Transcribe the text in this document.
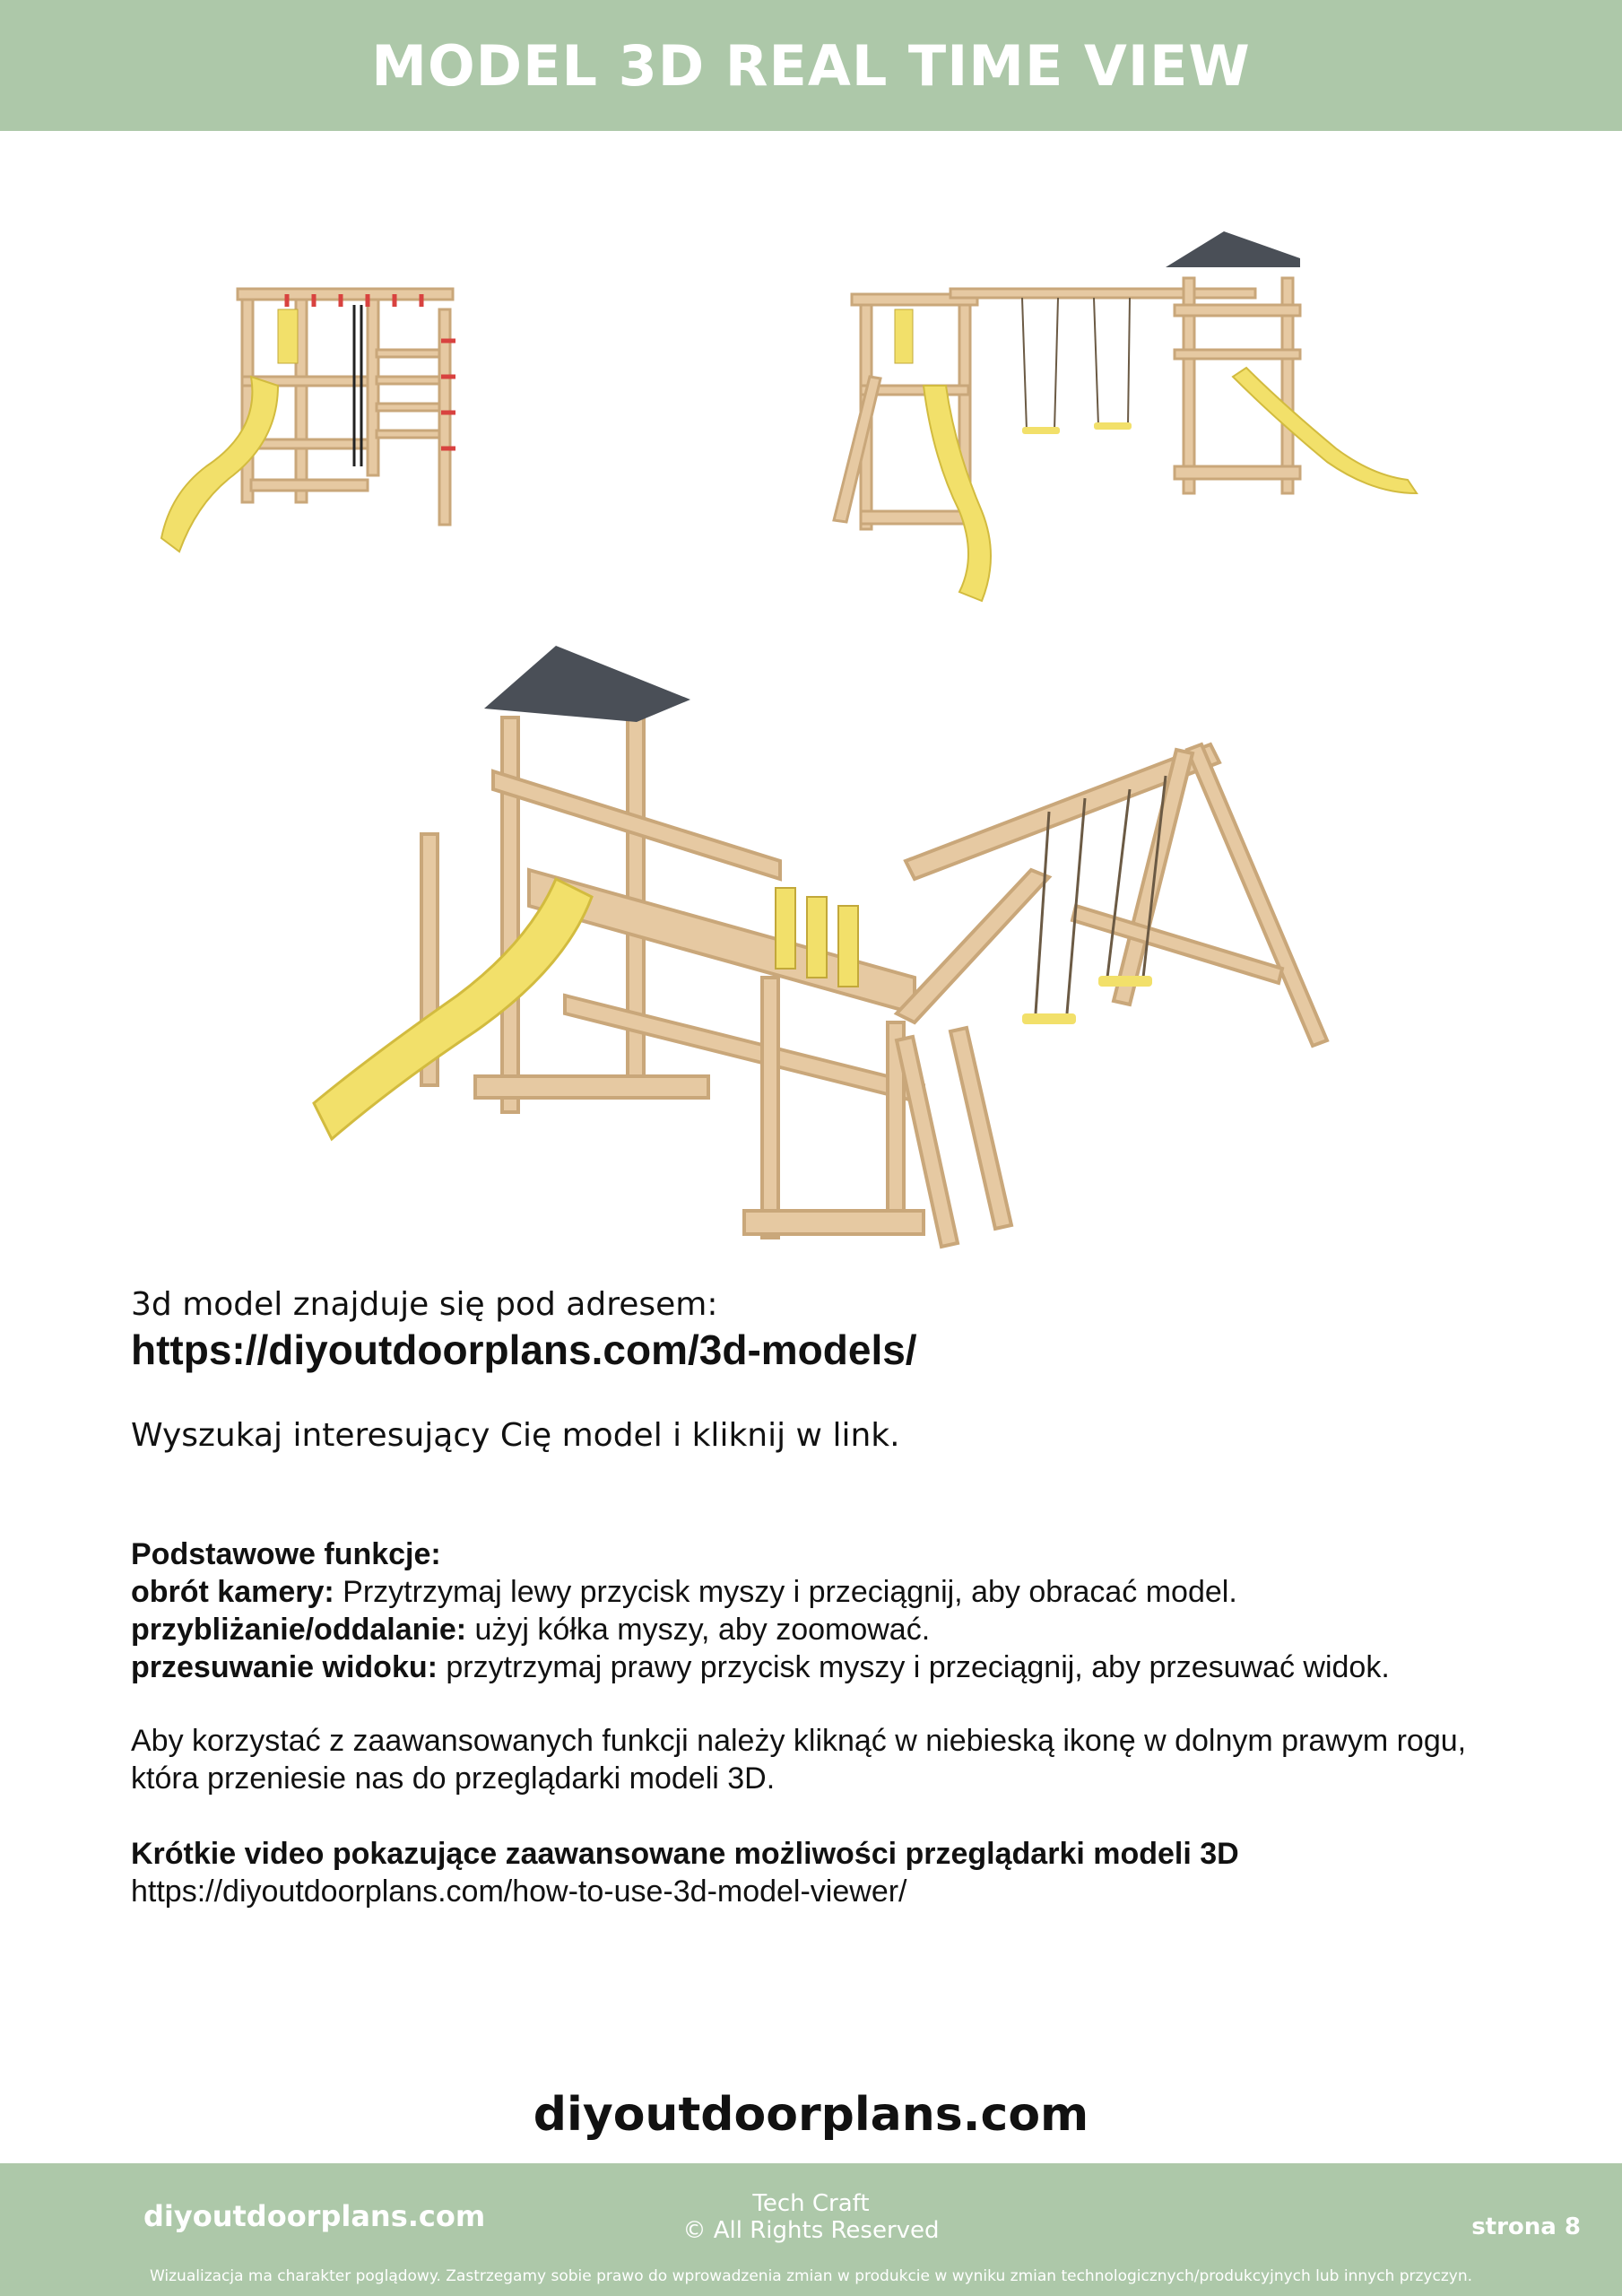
MODEL 3D REAL TIME VIEW
3d model znajduje się pod adresem:
https://diyoutdoorplans.com/3d-models/
Wyszukaj interesujący Cię model i kliknij w link.

Podstawowe funkcje:

obrót kamery: Przytrzymaj lewy przycisk myszy i przeciągnij, aby obracać model.

przybliżanie/oddalanie: użyj kółka myszy, aby zoomować.

przesuwanie widoku: przytrzymaj prawy przycisk myszy i przeciągnij, aby przesuwać widok.

Aby korzystać z zaawansowanych funkcji należy kliknąć w niebieską ikonę w dolnym prawym rogu, która przeniesie nas do przeglądarki modeli 3D.
Krótkie video pokazujące zaawansowane możliwości przeglądarki modeli 3D
https://diyoutdoorplans.com/how-to-use-3d-model-viewer/
diyoutdoorplans.com
diyoutdoorplans.com	Tech Craft
© All Rights Reserved	strona 8
Wizualizacja ma charakter poglądowy. Zastrzegamy sobie prawo do wprowadzenia zmian w produkcie w wyniku zmian technologicznych/produkcyjnych lub innych przyczyn.
